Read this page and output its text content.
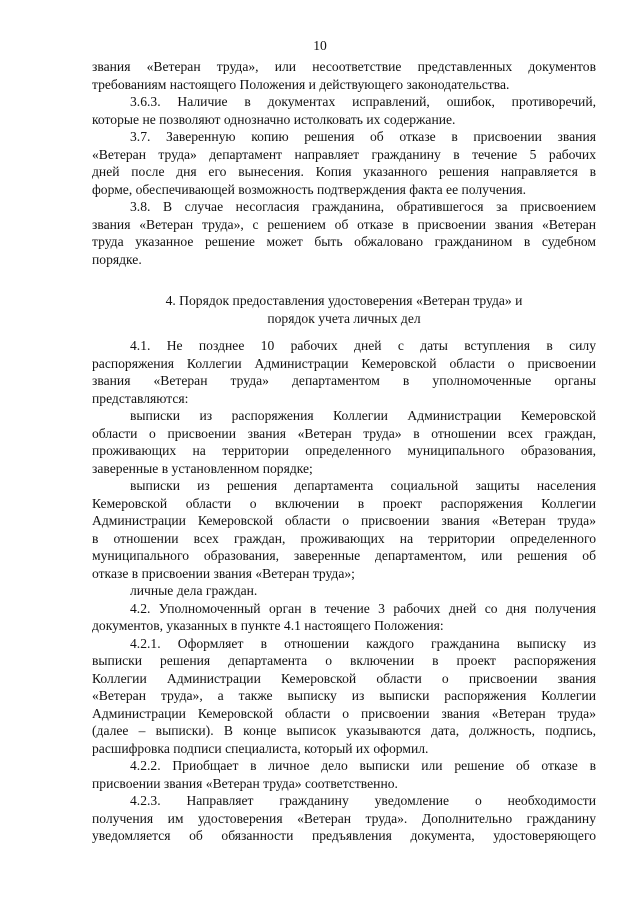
10
звания «Ветеран труда», или несоответствие представленных документов
требованиям настоящего Положения и действующего законодательства.
3.6.3. Наличие в документах исправлений, ошибок, противоречий,
которые не позволяют однозначно истолковать их содержание.
3.7. Заверенную копию решения об отказе в присвоении звания
«Ветеран труда» департамент направляет гражданину в течение 5 рабочих
дней после дня его вынесения. Копия указанного решения направляется в
форме, обеспечивающей возможность подтверждения факта ее получения.
3.8. В случае несогласия гражданина, обратившегося за присвоением
звания «Ветеран труда», с решением об отказе в присвоении звания «Ветеран
труда указанное решение может быть обжаловано гражданином в судебном
порядке.
4. Порядок предоставления удостоверения «Ветеран труда» и
порядок учета личных дел
4.1. Не позднее 10 рабочих дней с даты вступления в силу
распоряжения Коллегии Администрации Кемеровской области о присвоении
звания «Ветеран труда» департаментом в уполномоченные органы
представляются:
выписки из распоряжения Коллегии Администрации Кемеровской
области о присвоении звания «Ветеран труда» в отношении всех граждан,
проживающих на территории определенного муниципального образования,
заверенные в установленном порядке;
выписки из решения департамента социальной защиты населения
Кемеровской области о включении в проект распоряжения Коллегии
Администрации Кемеровской области о присвоении звания «Ветеран труда»
в отношении всех граждан, проживающих на территории определенного
муниципального образования, заверенные департаментом, или решения об
отказе в присвоении звания «Ветеран труда»;
личные дела граждан.
4.2. Уполномоченный орган в течение 3 рабочих дней со дня получения
документов, указанных в пункте 4.1 настоящего Положения:
4.2.1. Оформляет в отношении каждого гражданина выписку из
выписки решения департамента о включении в проект распоряжения
Коллегии Администрации Кемеровской области о присвоении звания
«Ветеран труда», а также выписку из выписки распоряжения Коллегии
Администрации Кемеровской области о присвоении звания «Ветеран труда»
(далее – выписки). В конце выписок указываются дата, должность, подпись,
расшифровка подписи специалиста, который их оформил.
4.2.2. Приобщает в личное дело выписки или решение об отказе в
присвоении звания «Ветеран труда» соответственно.
4.2.3. Направляет гражданину уведомление о необходимости
получения им удостоверения «Ветеран труда». Дополнительно гражданину
уведомляется об обязанности предъявления документа, удостоверяющего
